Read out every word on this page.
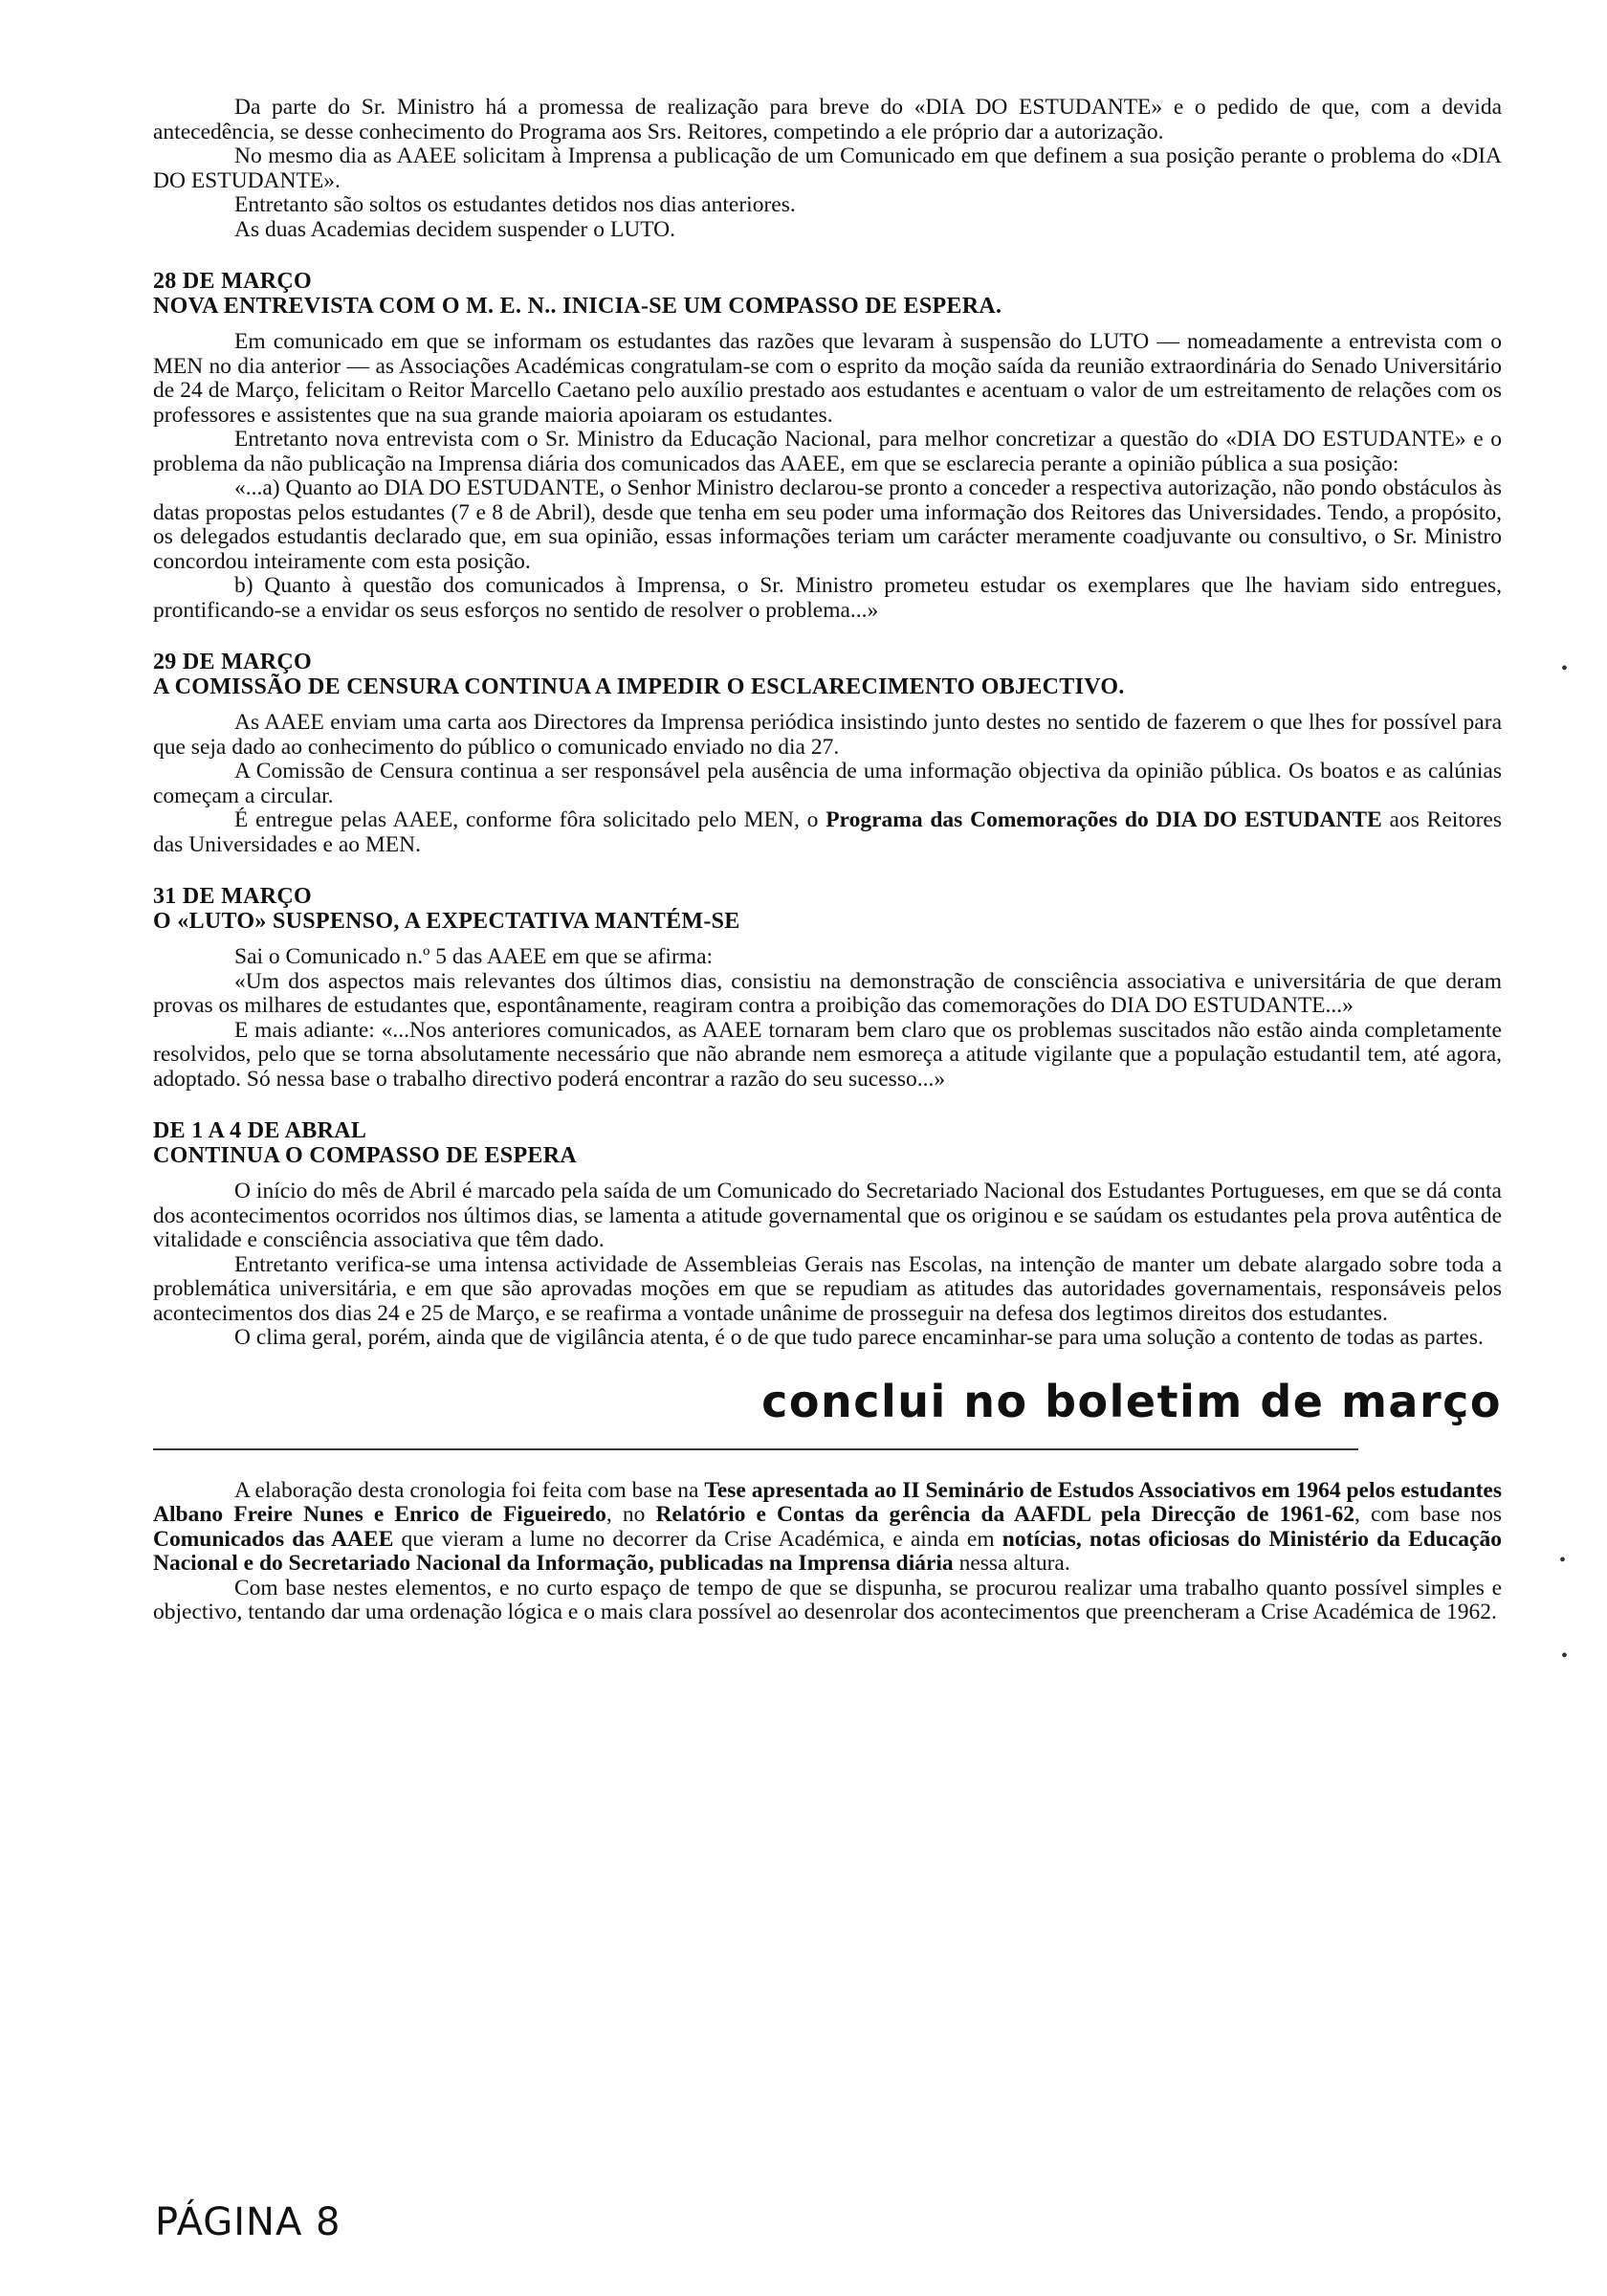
Da parte do Sr. Ministro há a promessa de realização para breve do «DIA DO ESTUDANTE» e o pedido de que, com a devida antecedência, se desse conhecimento do Programa aos Srs. Reitores, competindo a ele próprio dar a autorização.

No mesmo dia as AAEE solicitam à Imprensa a publicação de um Comunicado em que definem a sua posição perante o problema do «DIA DO ESTUDANTE».

Entretanto são soltos os estudantes detidos nos dias anteriores.

As duas Academias decidem suspender o LUTO.

28 DE MARÇO
NOVA ENTREVISTA COM O M. E. N.. INICIA-SE UM COMPASSO DE ESPERA.

Em comunicado em que se informam os estudantes das razões que levaram à suspensão do LUTO — nomeadamente a entrevista com o MEN no dia anterior — as Associações Académicas congratulam-se com o esprito da moção saída da reunião extraordinária do Senado Universitário de 24 de Março, felicitam o Reitor Marcello Caetano pelo auxílio prestado aos estudantes e acentuam o valor de um estreitamento de relações com os professores e assistentes que na sua grande maioria apoiaram os estudantes.

Entretanto nova entrevista com o Sr. Ministro da Educação Nacional, para melhor concretizar a questão do «DIA DO ESTUDANTE» e o problema da não publicação na Imprensa diária dos comunicados das AAEE, em que se esclarecia perante a opinião pública a sua posição:

«...a) Quanto ao DIA DO ESTUDANTE, o Senhor Ministro declarou-se pronto a conceder a respectiva autorização, não pondo obstáculos às datas propostas pelos estudantes (7 e 8 de Abril), desde que tenha em seu poder uma informação dos Reitores das Universidades. Tendo, a propósito, os delegados estudantis declarado que, em sua opinião, essas informações teriam um carácter meramente coadjuvante ou consultivo, o Sr. Ministro concordou inteiramente com esta posição.

b) Quanto à questão dos comunicados à Imprensa, o Sr. Ministro prometeu estudar os exemplares que lhe haviam sido entregues, prontificando-se a envidar os seus esforços no sentido de resolver o problema...»

29 DE MARÇO
A COMISSÃO DE CENSURA CONTINUA A IMPEDIR O ESCLARECIMENTO OBJECTIVO.

As AAEE enviam uma carta aos Directores da Imprensa periódica insistindo junto destes no sentido de fazerem o que lhes for possível para que seja dado ao conhecimento do público o comunicado enviado no dia 27.

A Comissão de Censura continua a ser responsável pela ausência de uma informação objectiva da opinião pública. Os boatos e as calúnias começam a circular.

É entregue pelas AAEE, conforme fôra solicitado pelo MEN, o Programa das Comemorações do DIA DO ESTUDANTE aos Reitores das Universidades e ao MEN.

31 DE MARÇO
O «LUTO» SUSPENSO, A EXPECTATIVA MANTÉM-SE

Sai o Comunicado n.º 5 das AAEE em que se afirma:

«Um dos aspectos mais relevantes dos últimos dias, consistiu na demonstração de consciência associativa e universitária de que deram provas os milhares de estudantes que, espontânamente, reagiram contra a proibição das comemorações do DIA DO ESTUDANTE...»

E mais adiante: «...Nos anteriores comunicados, as AAEE tornaram bem claro que os problemas suscitados não estão ainda completamente resolvidos, pelo que se torna absolutamente necessário que não abrande nem esmoreça a atitude vigilante que a população estudantil tem, até agora, adoptado. Só nessa base o trabalho directivo poderá encontrar a razão do seu sucesso...»

DE 1 A 4 DE ABRAL
CONTINUA O COMPASSO DE ESPERA

O início do mês de Abril é marcado pela saída de um Comunicado do Secretariado Nacional dos Estudantes Portugueses, em que se dá conta dos acontecimentos ocorridos nos últimos dias, se lamenta a atitude governamental que os originou e se saúdam os estudantes pela prova autêntica de vitalidade e consciência associativa que têm dado.

Entretanto verifica-se uma intensa actividade de Assembleias Gerais nas Escolas, na intenção de manter um debate alargado sobre toda a problemática universitária, e em que são aprovadas moções em que se repudiam as atitudes das autoridades governamentais, responsáveis pelos acontecimentos dos dias 24 e 25 de Março, e se reafirma a vontade unânime de prosseguir na defesa dos legtimos direitos dos estudantes.

O clima geral, porém, ainda que de vigilância atenta, é o de que tudo parece encaminhar-se para uma solução a contento de todas as partes.

conclui no boletim de março

A elaboração desta cronologia foi feita com base na Tese apresentada ao II Seminário de Estudos Associativos em 1964 pelos estudantes Albano Freire Nunes e Enrico de Figueiredo, no Relatório e Contas da gerência da AAFDL pela Direcção de 1961-62, com base nos Comunicados das AAEE que vieram a lume no decorrer da Crise Académica, e ainda em notícias, notas oficiosas do Ministério da Educação Nacional e do Secretariado Nacional da Informação, publicadas na Imprensa diária nessa altura.

Com base nestes elementos, e no curto espaço de tempo de que se dispunha, se procurou realizar uma trabalho quanto possível simples e objectivo, tentando dar uma ordenação lógica e o mais clara possível ao desenrolar dos acontecimentos que preencheram a Crise Académica de 1962.

•
•
•
PÁGINA 8
